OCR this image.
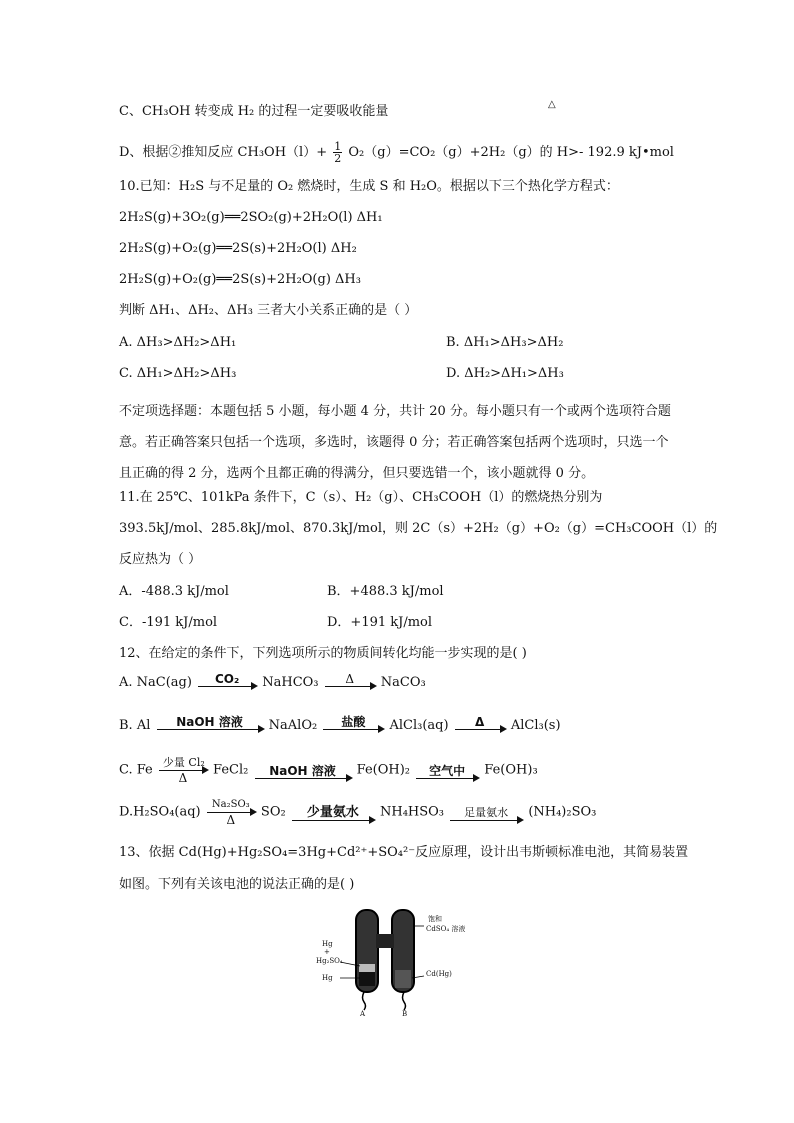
△
C、CH₃OH 转变成 H₂ 的过程一定要吸收能量
D、根据②推知反应 $CH_3OH(l)+ \frac{1}{2} O_2(g)=CO_2(g)+2H_2(g)$的 H>- 192.9 kJ•mol
10.已知：H₂S 与不足量的 O₂ 燃烧时，生成 S 和 H₂O。根据以下三个热化学方程式：
2H₂S(g)+3O₂(g)══2SO₂(g)+2H₂O(l) ΔH₁
2H₂S(g)+O₂(g)══2S(s)+2H₂O(l) ΔH₂
2H₂S(g)+O₂(g)══2S(s)+2H₂O(g) ΔH₃
判断 ΔH₁、ΔH₂、ΔH₃ 三者大小关系正确的是（ ）
A. ΔH₃>ΔH₂>ΔH₁	B. ΔH₁>ΔH₃>ΔH₂
C. ΔH₁>ΔH₂>ΔH₃	D. ΔH₂>ΔH₁>ΔH₃
不定项选择题：本题包括 5 小题，每小题 4 分，共计 20 分。每小题只有一个或两个选项符合题意。若正确答案只包括一个选项，多选时，该题得 0 分；若正确答案包括两个选项时，只选一个且正确的得 2 分，选两个且都正确的得满分，但只要选错一个，该小题就得 0 分。
11.在 25℃、101kPa 条件下，C（s）、H₂（g）、CH₃COOH（l）的燃烧热分别为
393.5kJ/mol、285.8kJ/mol、870.3kJ/mol，则 2C（s）+2H₂（g）+O₂（g）=CH₃COOH（l）的
反应热为（ ）
A．-488.3 kJ/mol	B．+488.3 kJ/mol
C．-191 kJ/mol	D．+191 kJ/mol
12、在给定的条件下，下列选项所示的物质间转化均能一步实现的是( )
A. NaC(ag)	CO₂	NaHCO₃	Δ	NaCO₃
B. Al	NaOH 溶液	NaAlO₂	盐酸	AlCl₃(aq)	Δ	AlCl₃(s)
C. Fe 少量 Cl₂
Δ
FeCl₂	NaOH 溶液	Fe(OH)₂	空气中	Fe(OH)₃
D.H₂SO₄(aq)	Na₂SO₃
Δ
SO₂	少量氨水	NH₄HSO₃	足量氨水	(NH₄)₂SO₃
13、依据 Cd(Hg)+Hg₂SO₄=3Hg+Cd²⁺+SO₄²⁻反应原理，设计出韦斯顿标准电池，其简易装置
如图。下列有关该电池的说法正确的是( )
饱和
CdSO₄ 溶液
Hg
+
Hg₂SO₄
Hg	Cd(Hg)
A	B
